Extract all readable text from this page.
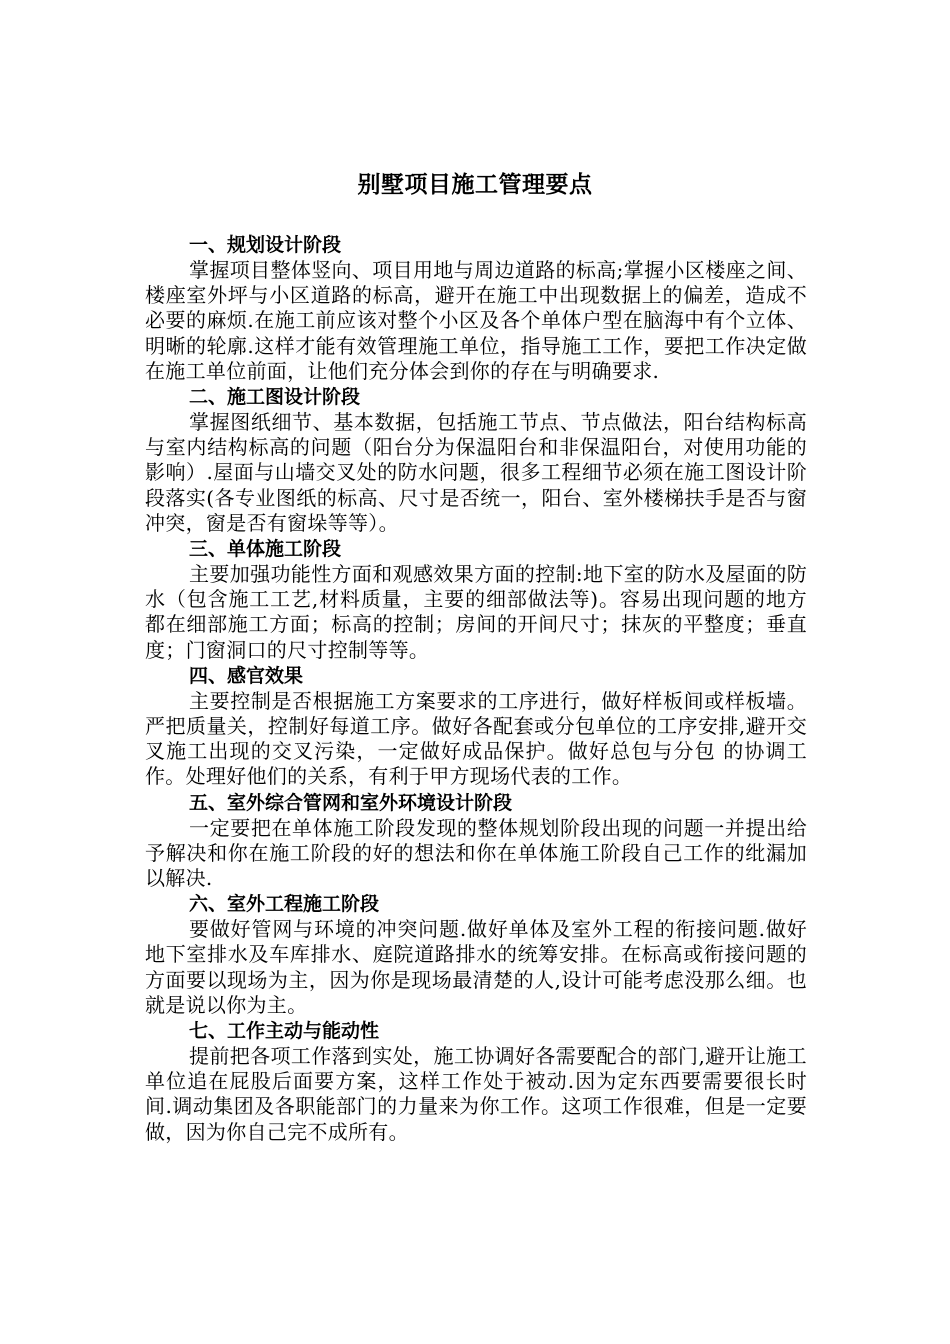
别墅项目施工管理要点
一、规划设计阶段

掌握项目整体竖向、项目用地与周边道路的标高;掌握小区楼座之间、楼座室外坪与小区道路的标高，避开在施工中出现数据上的偏差，造成不必要的麻烦.在施工前应该对整个小区及各个单体户型在脑海中有个立体、明晰的轮廓.这样才能有效管理施工单位，指导施工工作，要把工作决定做在施工单位前面，让他们充分体会到你的存在与明确要求.

二、施工图设计阶段

掌握图纸细节、基本数据，包括施工节点、节点做法，阳台结构标高与室内结构标高的问题（阳台分为保温阳台和非保温阳台，对使用功能的影响）.屋面与山墙交叉处的防水问题，很多工程细节必须在施工图设计阶段落实(各专业图纸的标高、尺寸是否统一，阳台、室外楼梯扶手是否与窗冲突，窗是否有窗垛等等）。

三、单体施工阶段

主要加强功能性方面和观感效果方面的控制:地下室的防水及屋面的防水（包含施工工艺,材料质量，主要的细部做法等)。容易出现问题的地方都在细部施工方面；标高的控制；房间的开间尺寸；抹灰的平整度；垂直度；门窗洞口的尺寸控制等等。

四、感官效果

主要控制是否根据施工方案要求的工序进行，做好样板间或样板墙。严把质量关，控制好每道工序。做好各配套或分包单位的工序安排,避开交叉施工出现的交叉污染，一定做好成品保护。做好总包与分包 的协调工作。处理好他们的关系，有利于甲方现场代表的工作。

五、室外综合管网和室外环境设计阶段

一定要把在单体施工阶段发现的整体规划阶段出现的问题一并提出给予解决和你在施工阶段的好的想法和你在单体施工阶段自己工作的纰漏加以解决.

六、室外工程施工阶段

要做好管网与环境的冲突问题.做好单体及室外工程的衔接问题.做好地下室排水及车库排水、庭院道路排水的统筹安排。在标高或衔接问题的方面要以现场为主，因为你是现场最清楚的人,设计可能考虑没那么细。也就是说以你为主。

七、工作主动与能动性

提前把各项工作落到实处，施工协调好各需要配合的部门,避开让施工单位追在屁股后面要方案，这样工作处于被动.因为定东西要需要很长时间.调动集团及各职能部门的力量来为你工作。这项工作很难，但是一定要做，因为你自己完不成所有。
